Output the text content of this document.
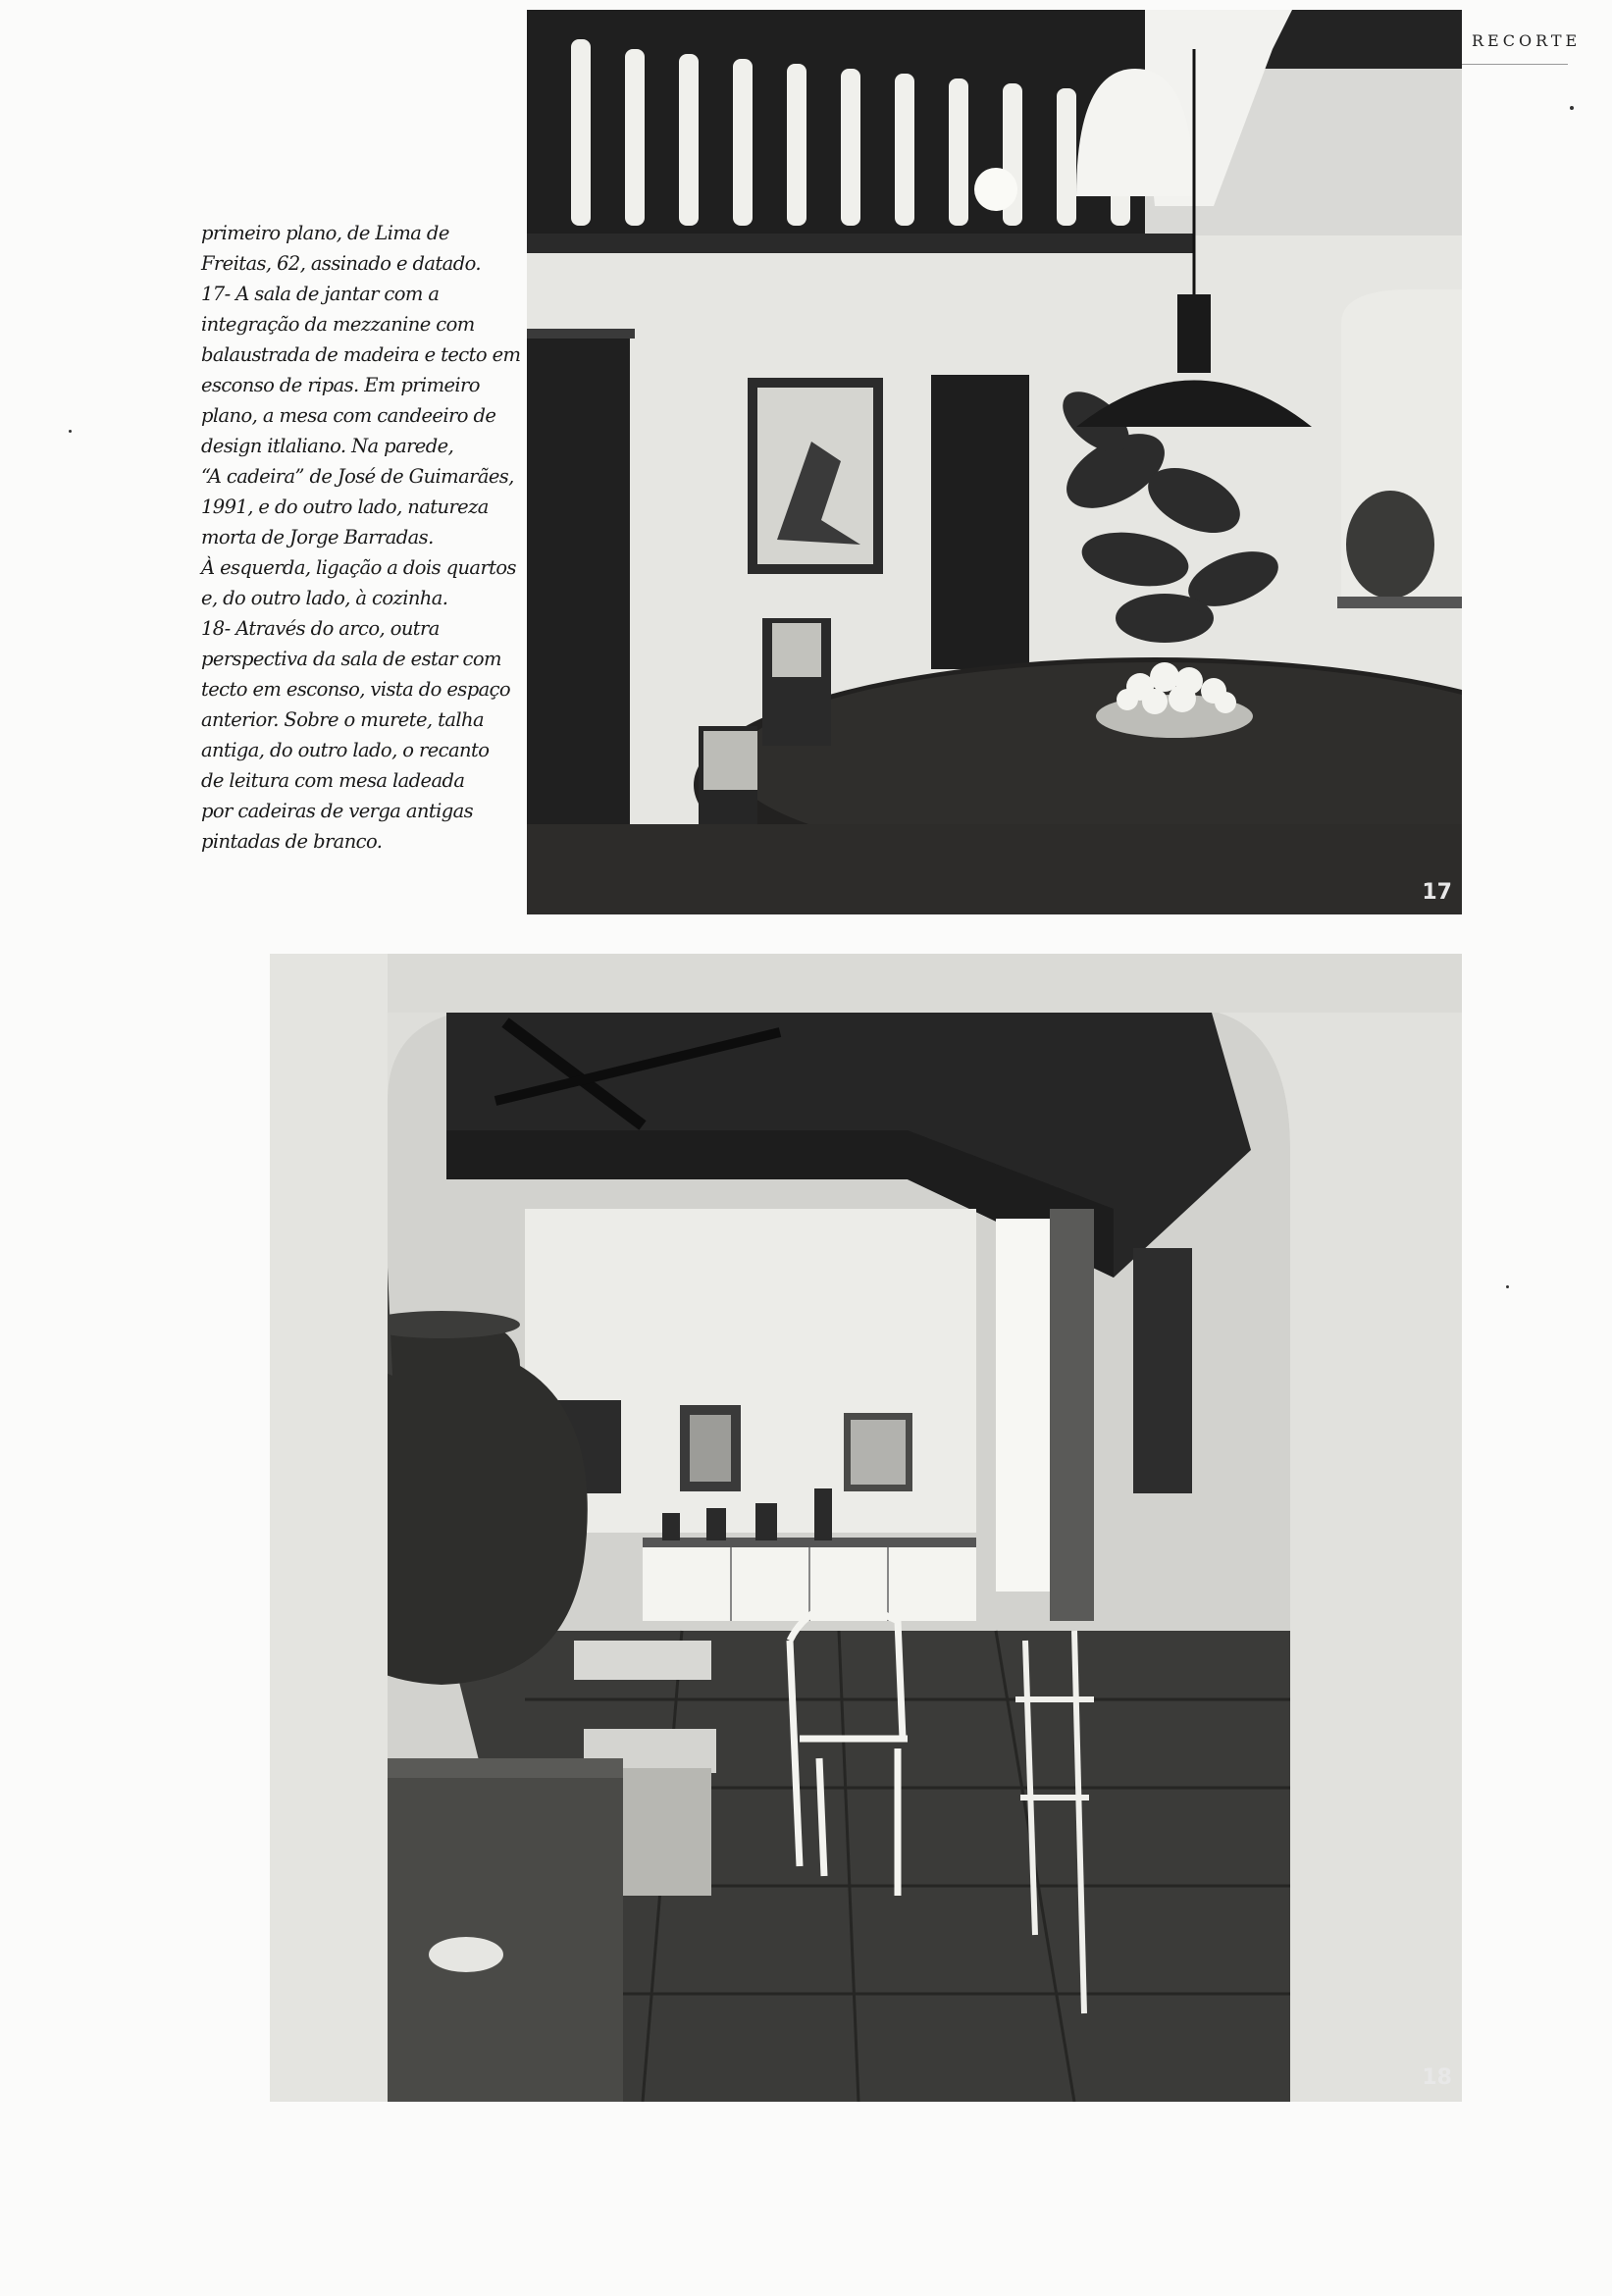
RECORTE
primeiro plano, de Lima de
Freitas, 62, assinado e datado.
17- A sala de jantar com a
integração da mezzanine com
balaustrada de madeira e tecto em
esconso de ripas. Em primeiro
plano, a mesa com candeeiro de
design itlaliano. Na parede,
“A cadeira” de José de Guimarães,
1991, e do outro lado, natureza
morta de Jorge Barradas.
À esquerda, ligação a dois quartos
e, do outro lado, à cozinha.
18- Através do arco, outra
perspectiva da sala de estar com
tecto em esconso, vista do espaço
anterior. Sobre o murete, talha
antiga, do outro lado, o recanto
de leitura com mesa ladeada
por cadeiras de verga antigas
pintadas de branco.
17
18
